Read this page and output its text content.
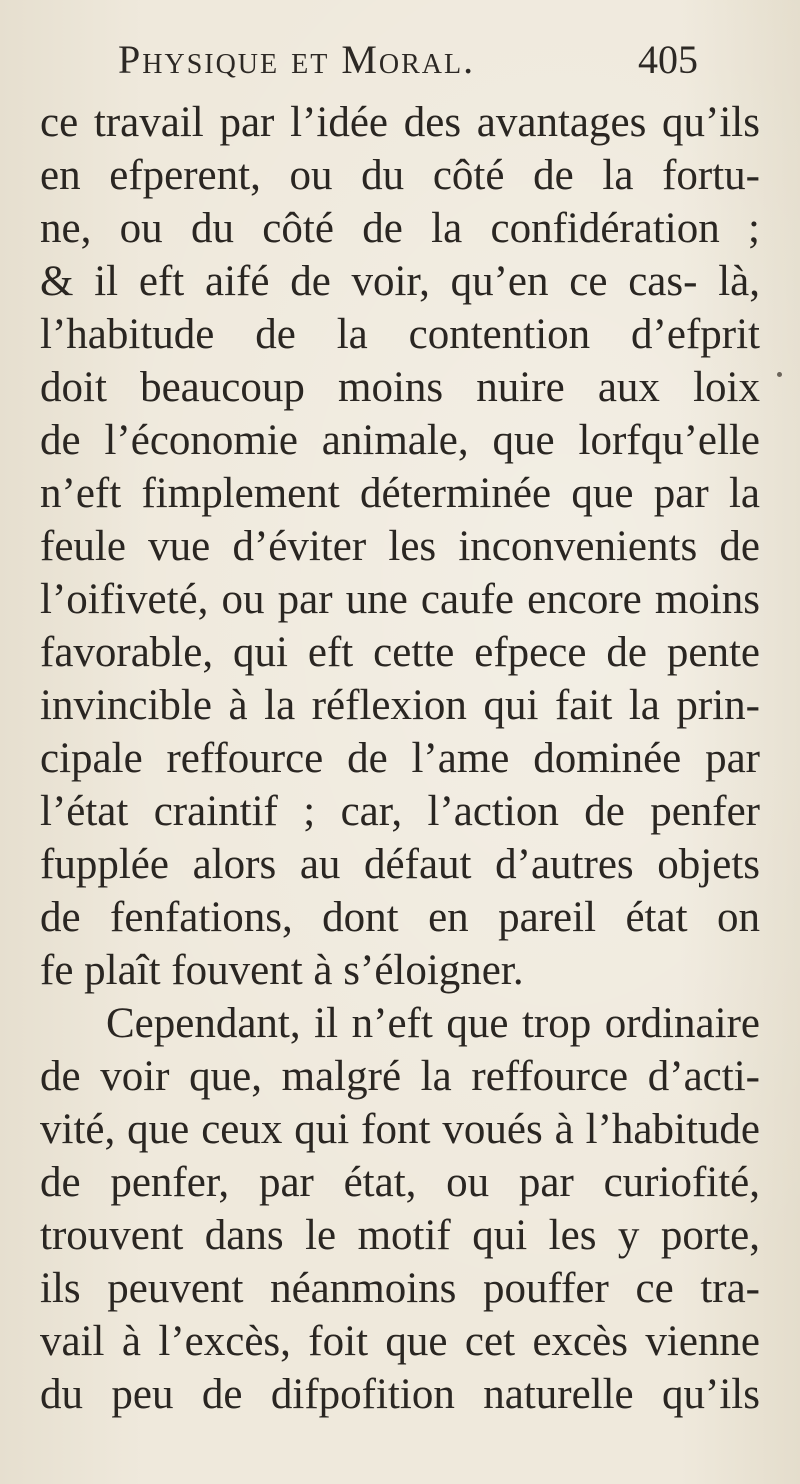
Physique et Moral.	405
ce travail par l’idée des avantages qu’ils
en efperent, ou du côté de la fortu-
ne, ou du côté de la confidération ;
& il eft aifé de voir, qu’en ce cas- là,
l’habitude de la contention d’efprit
doit beaucoup moins nuire aux loix
de l’économie animale, que lorfqu’elle
n’eft fimplement déterminée que par la
feule vue d’éviter les inconvenients de
l’oifiveté, ou par une caufe encore moins
favorable, qui eft cette efpece de pente
invincible à la réflexion qui fait la prin-
cipale reffource de l’ame dominée par
l’état craintif ; car, l’action de penfer
fupplée alors au défaut d’autres objets
de fenfations, dont en pareil état on
fe plaît fouvent à s’éloigner.
Cependant, il n’eft que trop ordinaire
de voir que, malgré la reffource d’acti-
vité, que ceux qui font voués à l’habitude
de penfer, par état, ou par curiofité,
trouvent dans le motif qui les y porte,
ils peuvent néanmoins pouffer ce tra-
vail à l’excès, foit que cet excès vienne
du peu de difpofition naturelle qu’ils
